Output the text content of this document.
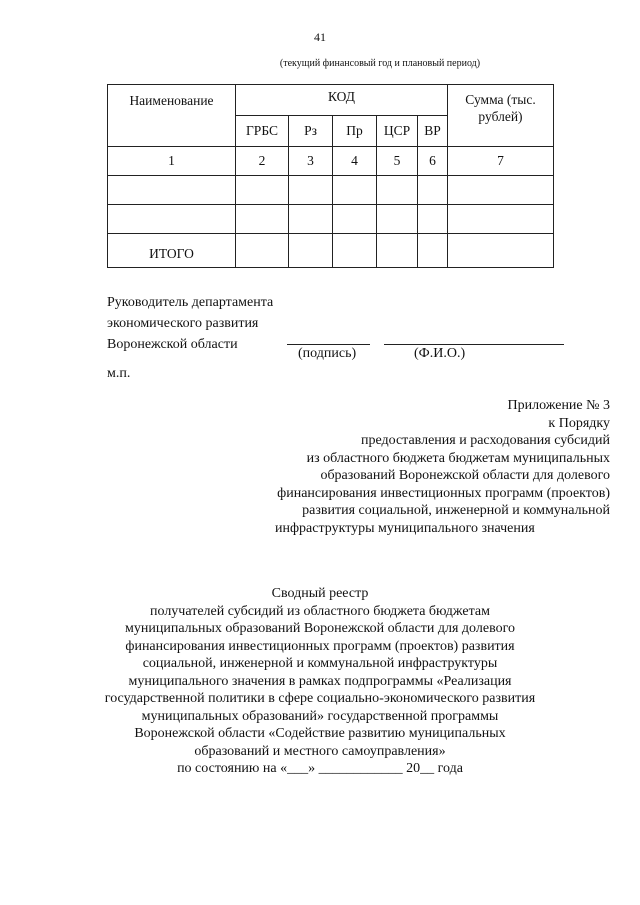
41
(текущий финансовый год и плановый период)
Наименование	КОД					Сумма (тыс. рублей)
	ГРБС	Рз	Пр	ЦСР	ВР	
1	2	3	4	5	6	7

ИТОГО						
Руководитель департамента
экономического развития
Воронежской области
(подпись)	(Ф.И.О.)
м.п.
Приложение № 3
к Порядку
предоставления и расходования субсидий
из областного бюджета бюджетам муниципальных
образований Воронежской области для долевого
финансирования инвестиционных программ (проектов)
развития социальной, инженерной и коммунальной
инфраструктуры муниципального значения
Сводный реестр
получателей субсидий из областного бюджета бюджетам
муниципальных образований Воронежской области для долевого
финансирования инвестиционных программ (проектов) развития
социальной, инженерной и коммунальной инфраструктуры
муниципального значения в рамках подпрограммы «Реализация
государственной политики в сфере социально-экономического развития
муниципальных образований» государственной программы
Воронежской области «Содействие развитию муниципальных
образований и местного самоуправления»
по состоянию на «___» ____________ 20__ года
